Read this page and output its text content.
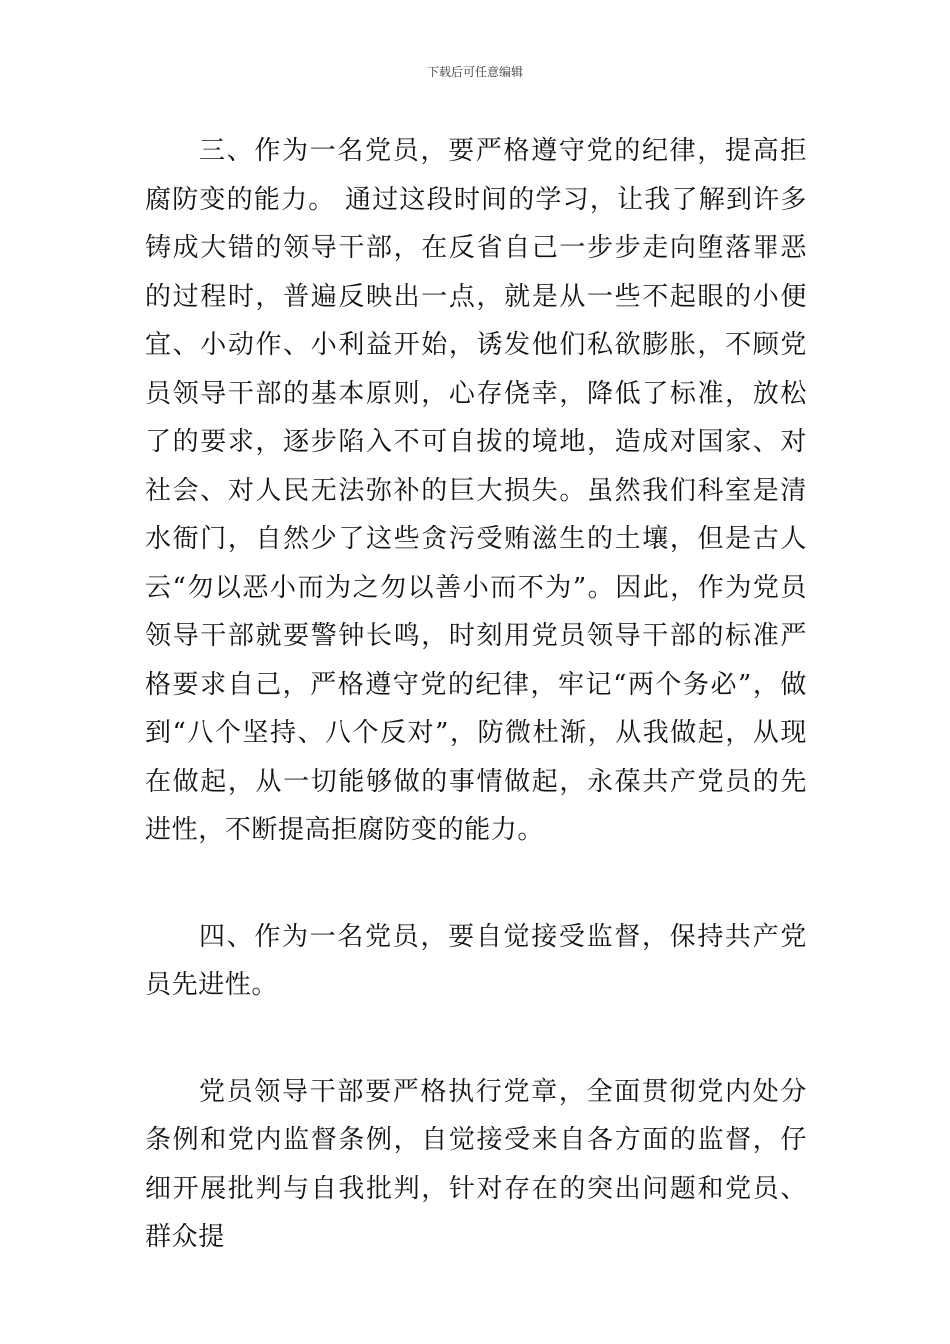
下载后可任意编辑

三、作为一名党员，要严格遵守党的纪律，提高拒腐防变的能力。 通过这段时间的学习，让我了解到许多铸成大错的领导干部，在反省自己一步步走向堕落罪恶的过程时，普遍反映出一点，就是从一些不起眼的小便宜、小动作、小利益开始，诱发他们私欲膨胀，不顾党员领导干部的基本原则，心存侥幸，降低了标准，放松了的要求，逐步陷入不可自拔的境地，造成对国家、对社会、对人民无法弥补的巨大损失。虽然我们科室是清水衙门，自然少了这些贪污受贿滋生的土壤，但是古人云“勿以恶小而为之勿以善小而不为”。因此，作为党员领导干部就要警钟长鸣，时刻用党员领导干部的标准严格要求自己，严格遵守党的纪律，牢记“两个务必”，做到“八个坚持、八个反对”，防微杜渐，从我做起，从现在做起，从一切能够做的事情做起，永葆共产党员的先进性，不断提高拒腐防变的能力。

四、作为一名党员，要自觉接受监督，保持共产党员先进性。

党员领导干部要严格执行党章，全面贯彻党内处分条例和党内监督条例，自觉接受来自各方面的监督，仔细开展批判与自我批判，针对存在的突出问题和党员、群众提
